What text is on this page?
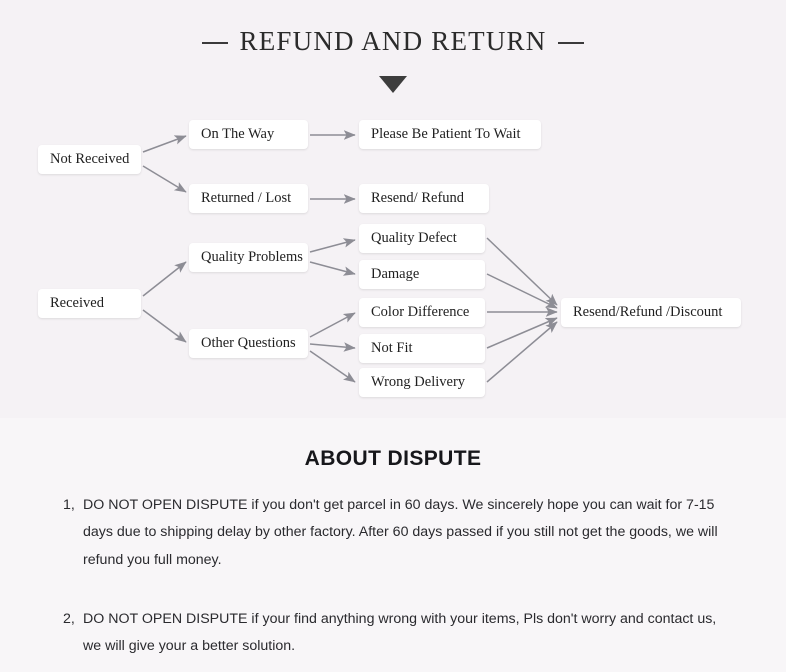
REFUND AND RETURN
Not Received
Received
On The Way
Returned / Lost
Quality Problems
Other Questions
Please Be Patient To Wait
Resend/ Refund
Quality Defect
Damage
Color Difference
Not Fit
Wrong Delivery
Resend/Refund /Discount
ABOUT DISPUTE
1, DO NOT OPEN DISPUTE if you don't get parcel in 60 days. We sincerely hope you can wait for 7-15 days due to shipping delay by other factory. After 60 days passed if you still not get the goods, we will refund you full money.
2, DO NOT OPEN DISPUTE if your find anything wrong with your items, Pls don't worry and contact us, we will give your a better solution.
